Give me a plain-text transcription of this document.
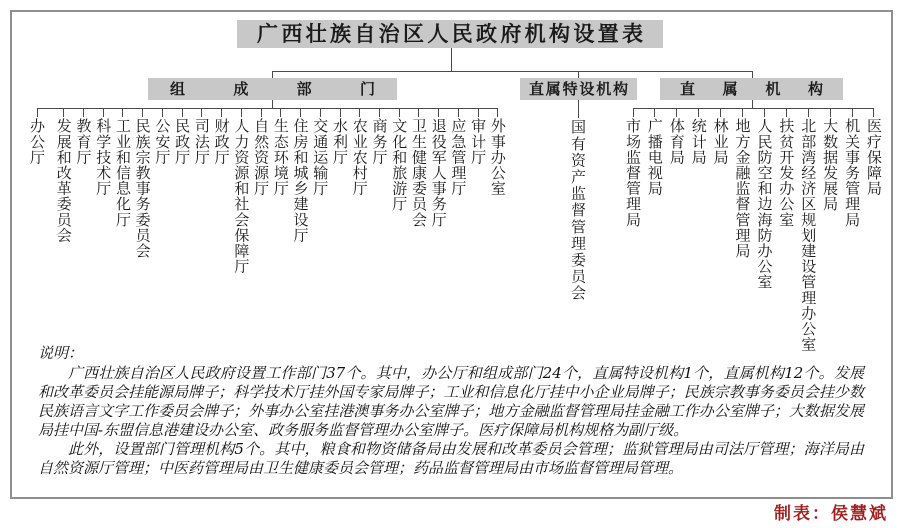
广西壮族自治区人民政府机构设置表
组成部门	直属特设机构	直属机构
办公厅 发展和改革委员会 教育厅 科学技术厅 工业和信息化厅 民族宗教事务委员会 公安厅 民政厅 司法厅 财政厅 人力资源和社会保障厅 自然资源厅 生态环境厅 住房和城乡建设厅 交通运输厅 水利厅 农业农村厅 商务厅 文化和旅游厅 卫生健康委员会 退役军人事务厅 应急管理厅 审计厅 外事办公室	国有资产监督管理委员会 市场监督管理局 广播电视局 体育局 统计局 林业局 地方金融监督管理局 人民防空和边海防办公室 扶贫开发办公室 北部湾经济区规划建设管理办公室 大数据发展局 机关事务管理局 医疗保障局

说明：

广西壮族自治区人民政府设置工作部门37个。其中，办公厅和组成部门24个，直属特设机构1个，直属机构12个。发展和改革委员会挂能源局牌子；科学技术厅挂外国专家局牌子；工业和信息化厅挂中小企业局牌子；民族宗教事务委员会挂少数民族语言文字工作委员会牌子；外事办公室挂港澳事务办公室牌子；地方金融监督管理局挂金融工作办公室牌子；大数据发展局挂中国-东盟信息港建设办公室、政务服务监督管理办公室牌子。医疗保障局机构规格为副厅级。

此外，设置部门管理机构5个。其中，粮食和物资储备局由发展和改革委员会管理；监狱管理局由司法厅管理；海洋局由自然资源厅管理；中医药管理局由卫生健康委员会管理；药品监督管理局由市场监督管理局管理。

制表：侯慧斌
